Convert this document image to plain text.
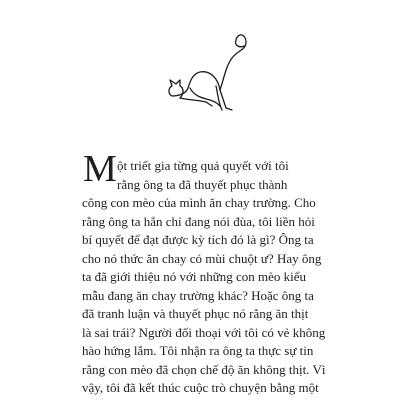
M ột triết gia từng quả quyết với tôi
rằng ông ta đã thuyết phục thành
công con mèo của mình ăn chay trường. Cho
rằng ông ta hẳn chỉ đang nói đùa, tôi liền hỏi
bí quyết để đạt được kỳ tích đó là gì? Ông ta
cho nó thức ăn chay có mùi chuột ư? Hay ông
ta đã giới thiệu nó với những con mèo kiểu
mẫu đang ăn chay trường khác? Hoặc ông ta
đã tranh luận và thuyết phục nó rằng ăn thịt
là sai trái? Người đối thoại với tôi có vẻ không
hào hứng lắm. Tôi nhận ra ông ta thực sự tin
rằng con mèo đã chọn chế độ ăn không thịt. Vì
vậy, tôi đã kết thúc cuộc trò chuyện bằng một
